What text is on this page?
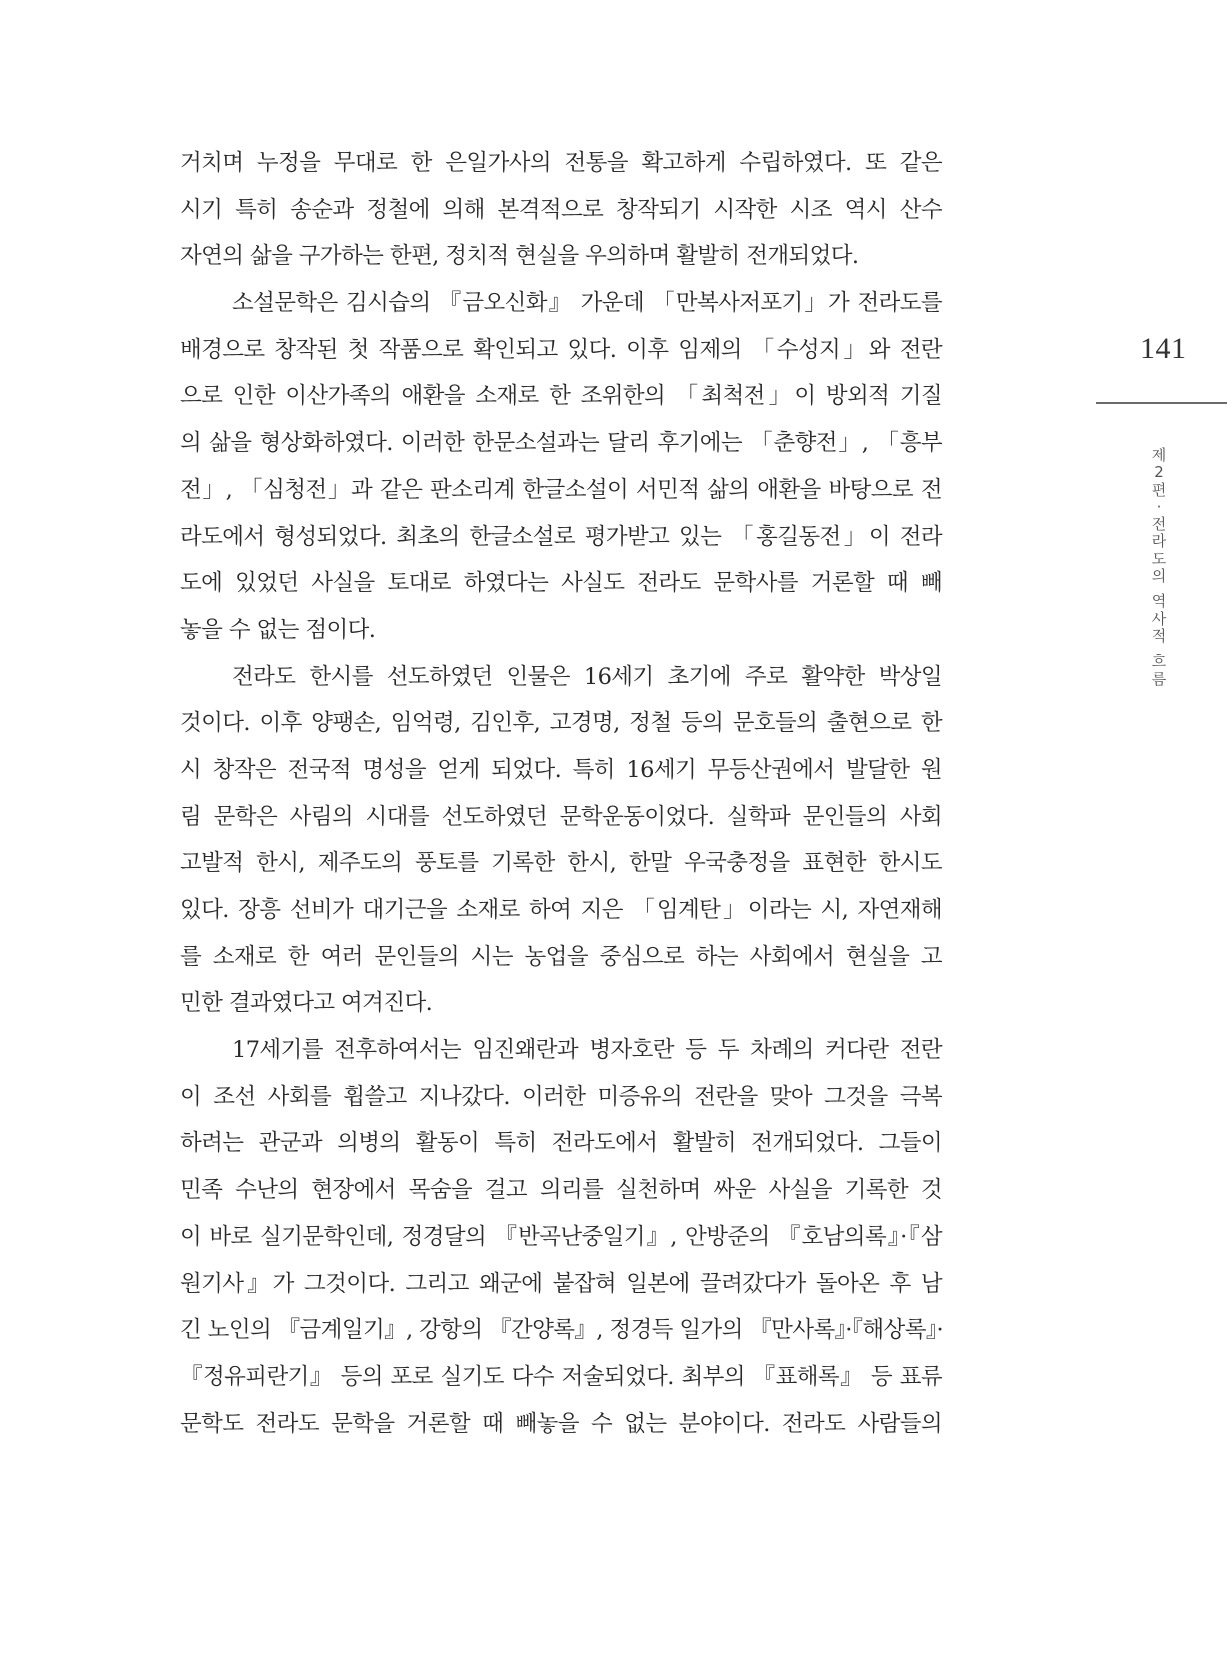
거치며 누정을 무대로 한 은일가사의 전통을 확고하게 수립하였다. 또 같은
시기 특히 송순과 정철에 의해 본격적으로 창작되기 시작한 시조 역시 산수
자연의 삶을 구가하는 한편, 정치적 현실을 우의하며 활발히 전개되었다.
소설문학은 김시습의 『금오신화』 가운데 「만복사저포기」가 전라도를
배경으로 창작된 첫 작품으로 확인되고 있다. 이후 임제의 「수성지」와 전란
으로 인한 이산가족의 애환을 소재로 한 조위한의 「최척전」이 방외적 기질
의 삶을 형상화하였다. 이러한 한문소설과는 달리 후기에는 「춘향전」, 「흥부
전」, 「심청전」과 같은 판소리계 한글소설이 서민적 삶의 애환을 바탕으로 전
라도에서 형성되었다. 최초의 한글소설로 평가받고 있는 「홍길동전」이 전라
도에 있었던 사실을 토대로 하였다는 사실도 전라도 문학사를 거론할 때 빼
놓을 수 없는 점이다.
전라도 한시를 선도하였던 인물은 16세기 초기에 주로 활약한 박상일
것이다. 이후 양팽손, 임억령, 김인후, 고경명, 정철 등의 문호들의 출현으로 한
시 창작은 전국적 명성을 얻게 되었다. 특히 16세기 무등산권에서 발달한 원
림 문학은 사림의 시대를 선도하였던 문학운동이었다. 실학파 문인들의 사회
고발적 한시, 제주도의 풍토를 기록한 한시, 한말 우국충정을 표현한 한시도
있다. 장흥 선비가 대기근을 소재로 하여 지은 「임계탄」이라는 시, 자연재해
를 소재로 한 여러 문인들의 시는 농업을 중심으로 하는 사회에서 현실을 고
민한 결과였다고 여겨진다.
17세기를 전후하여서는 임진왜란과 병자호란 등 두 차례의 커다란 전란
이 조선 사회를 휩쓸고 지나갔다. 이러한 미증유의 전란을 맞아 그것을 극복
하려는 관군과 의병의 활동이 특히 전라도에서 활발히 전개되었다. 그들이
민족 수난의 현장에서 목숨을 걸고 의리를 실천하며 싸운 사실을 기록한 것
이 바로 실기문학인데, 정경달의 『반곡난중일기』, 안방준의 『호남의록』·『삼
원기사』가 그것이다. 그리고 왜군에 붙잡혀 일본에 끌려갔다가 돌아온 후 남
긴 노인의 『금계일기』, 강항의 『간양록』, 정경득 일가의 『만사록』·『해상록』·
『정유피란기』 등의 포로 실기도 다수 저술되었다. 최부의 『표해록』 등 표류
문학도 전라도 문학을 거론할 때 빼놓을 수 없는 분야이다. 전라도 사람들의
141
제
2
편
·
전
라
도
의
역
사
적
흐
름
